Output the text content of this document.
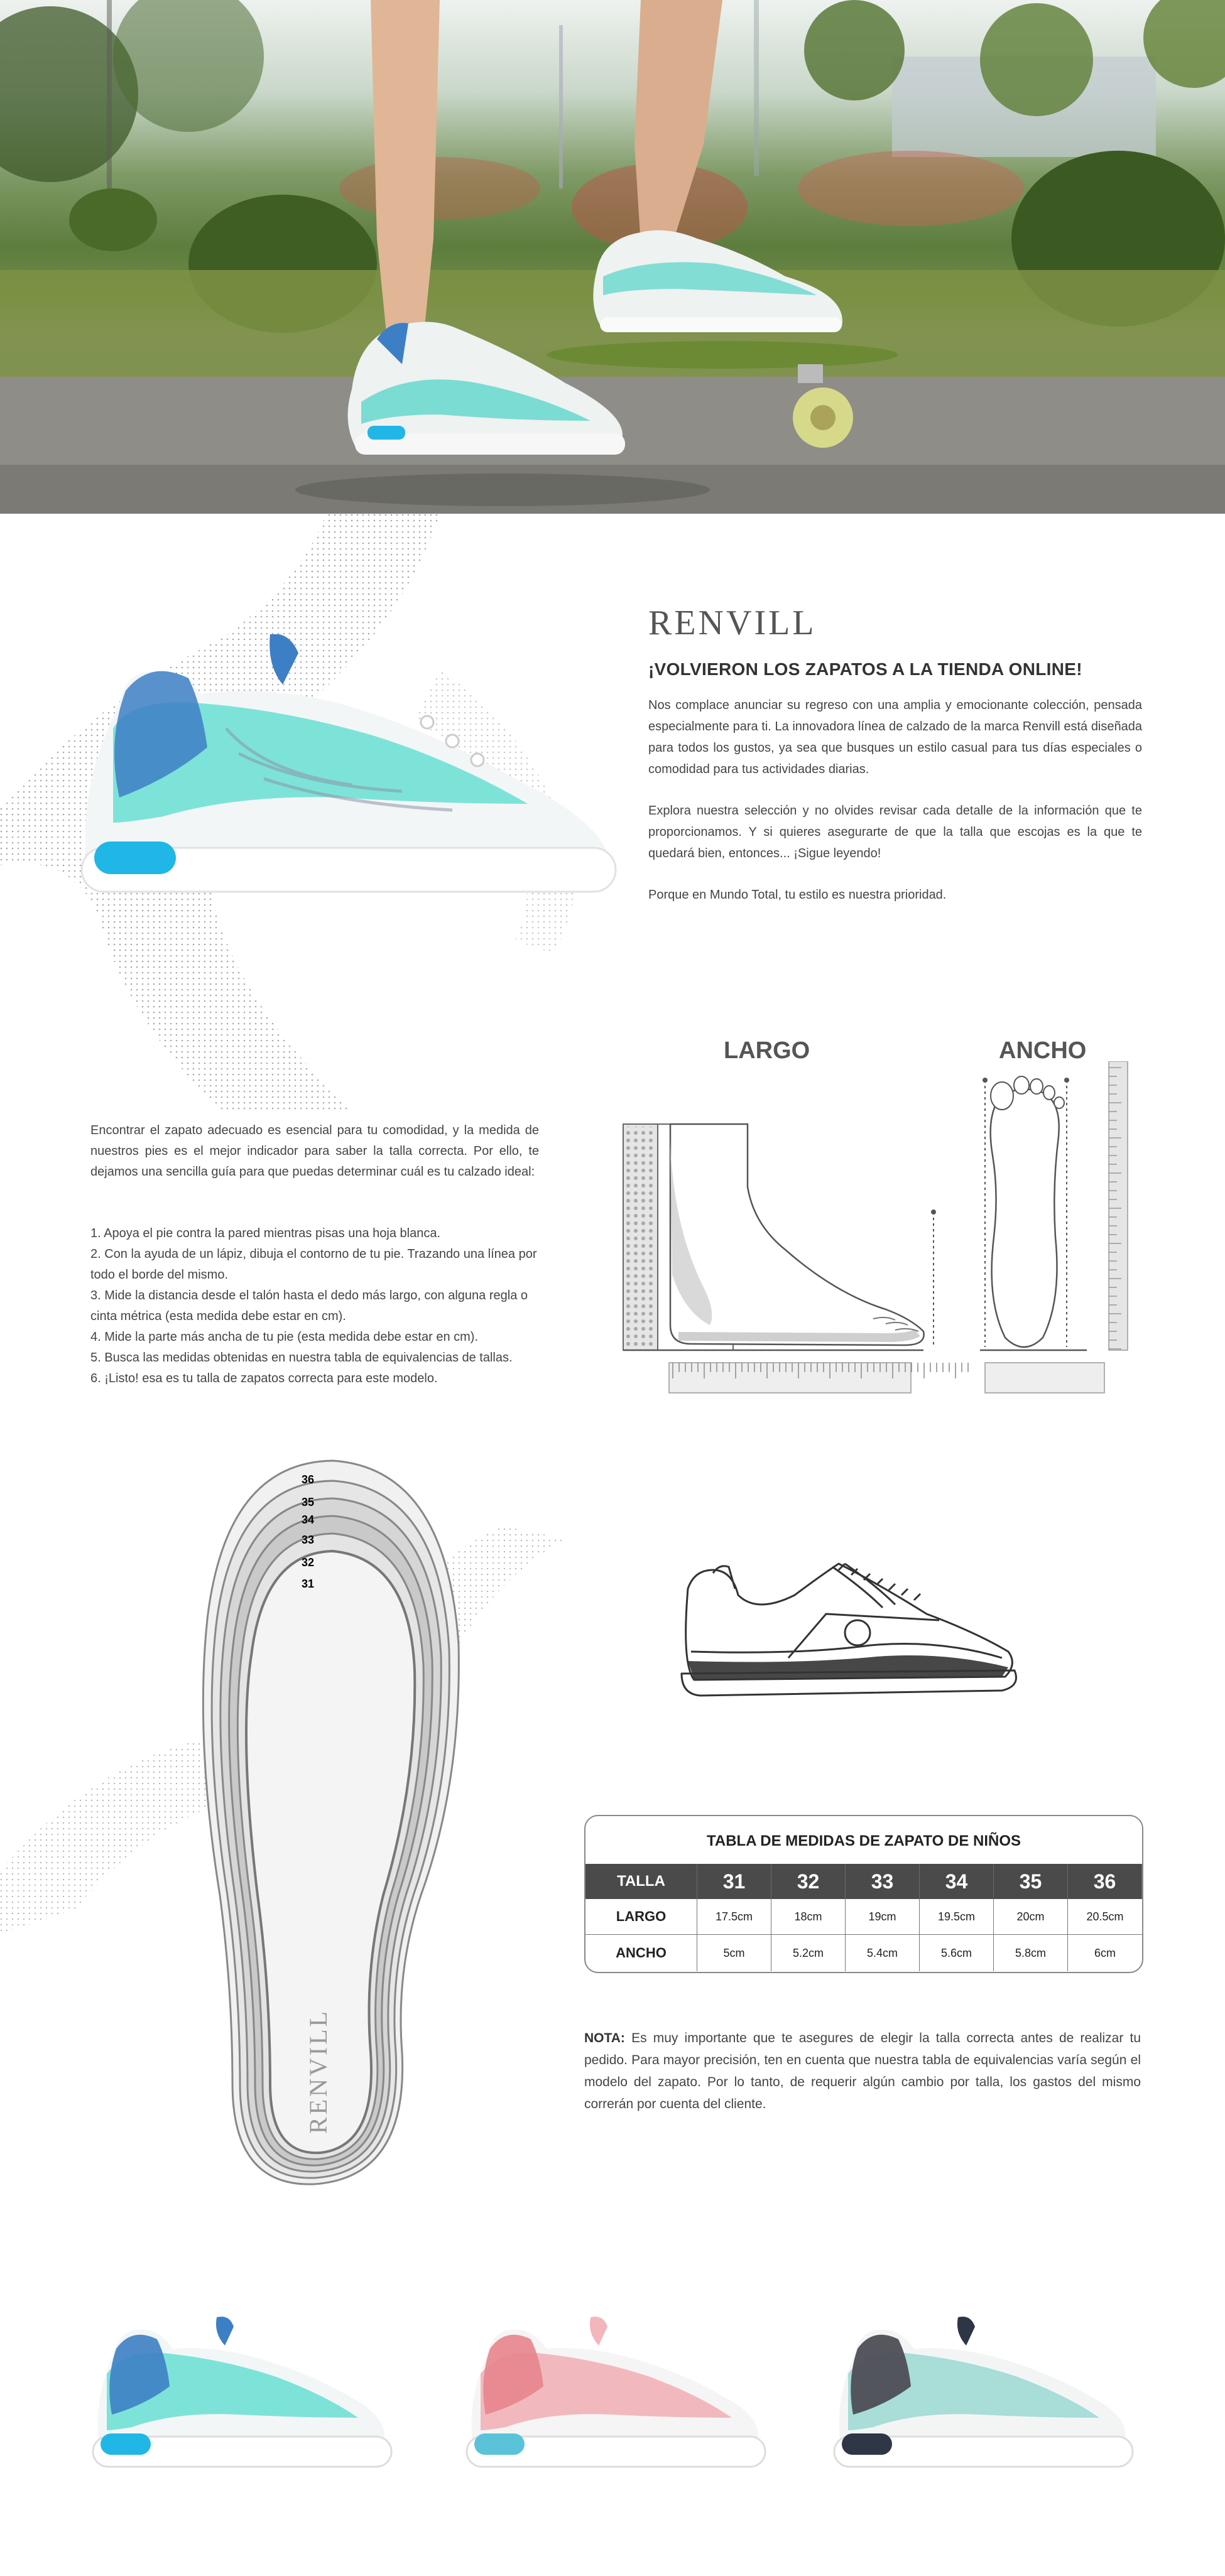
RENVILL
¡VOLVIERON LOS ZAPATOS A LA TIENDA ONLINE!
Nos complace anunciar su regreso con una amplia y emocionante colección, pensada especialmente para ti. La innovadora línea de calzado de la marca Renvill está diseñada para todos los gustos, ya sea que busques un estilo casual para tus días especiales o comodidad para tus actividades diarias.
Explora nuestra selección y no olvides revisar cada detalle de la información que te proporcionamos. Y si quieres asegurarte de que la talla que escojas es la que te quedará bien, entonces... ¡Sigue leyendo!
Porque en Mundo Total, tu estilo es nuestra prioridad.
Encontrar el zapato adecuado es esencial para tu comodidad, y la medida de nuestros pies es el mejor indicador para saber la talla correcta. Por ello, te dejamos una sencilla guía para que puedas determinar cuál es tu calzado ideal:
1. Apoya el pie contra la pared mientras pisas una hoja blanca.
2. Con la ayuda de un lápiz, dibuja el contorno de tu pie. Trazando una línea por todo el borde del mismo.
3. Mide la distancia desde el talón hasta el dedo más largo, con alguna regla o cinta métrica (esta medida debe estar en cm).
4. Mide la parte más ancha de tu pie (esta medida debe estar en cm).
5. Busca las medidas obtenidas en nuestra tabla de equivalencias de tallas.
6. ¡Listo! esa es tu talla de zapatos correcta para este modelo.
LARGO	ANCHO
36
35
34
33
32
31
RENVILL
TABLA DE MEDIDAS DE ZAPATO DE NIÑOS
TALLA	31	32	33	34	35	36
LARGO	17.5cm	18cm	19cm	19.5cm	20cm	20.5cm
ANCHO	5cm	5.2cm	5.4cm	5.6cm	5.8cm	6cm
NOTA: Es muy importante que te asegures de elegir la talla correcta antes de realizar tu pedido. Para mayor precisión, ten en cuenta que nuestra tabla de equivalencias varía según el modelo del zapato. Por lo tanto, de requerir algún cambio por talla, los gastos del mismo correrán por cuenta del cliente.
